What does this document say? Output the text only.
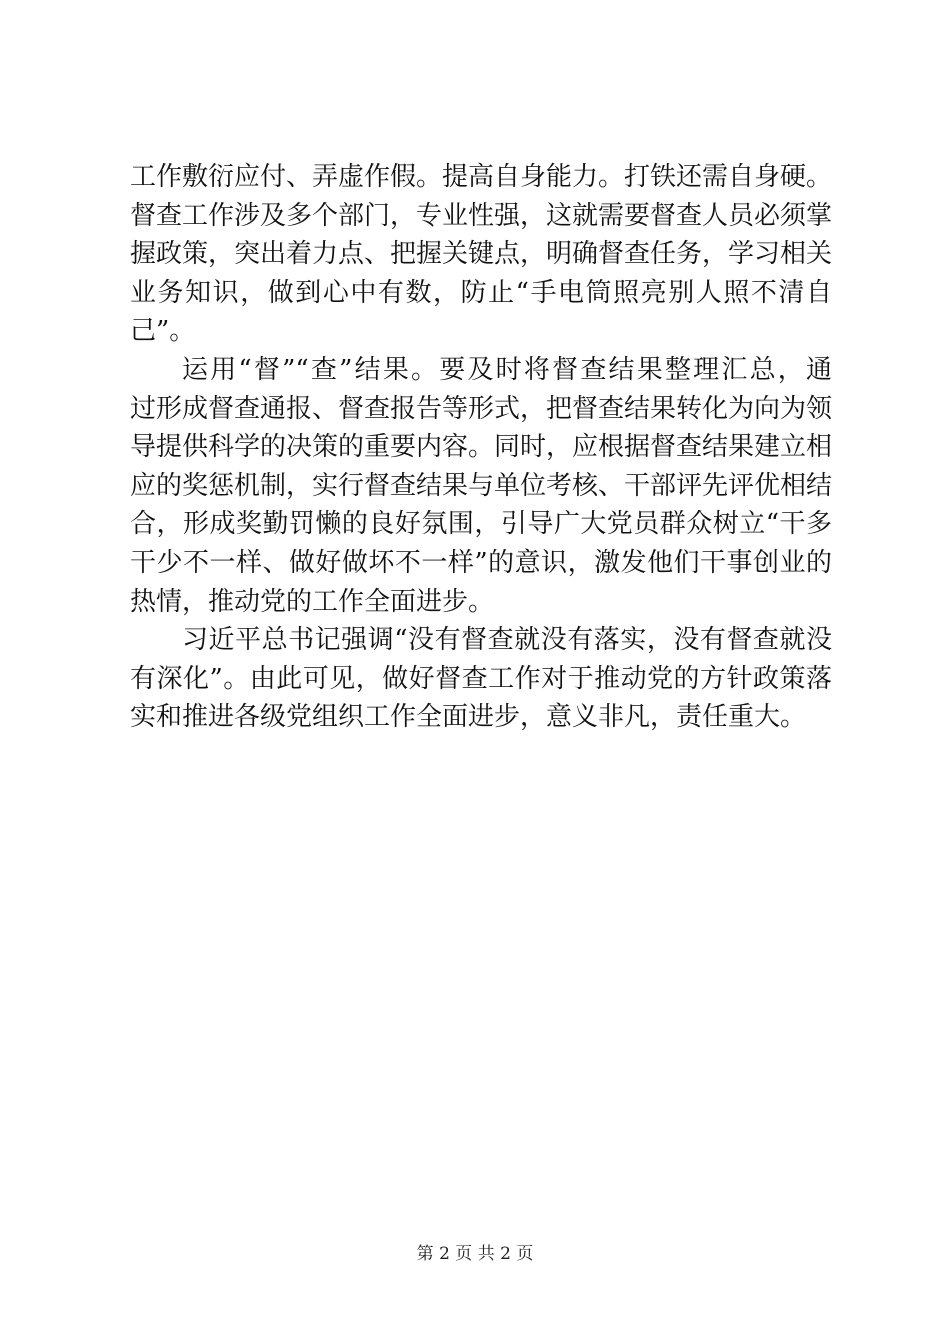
工作敷衍应付、弄虚作假。提高自身能力。打铁还需自身硬。
督查工作涉及多个部门，专业性强，这就需要督查人员必须掌
握政策，突出着力点、把握关键点，明确督查任务，学习相关
业务知识，做到心中有数，防止“手电筒照亮别人照不清自
己”。
运用“督”“查”结果。要及时将督查结果整理汇总，通
过形成督查通报、督查报告等形式，把督查结果转化为向为领
导提供科学的决策的重要内容。同时，应根据督查结果建立相
应的奖惩机制，实行督查结果与单位考核、干部评先评优相结
合，形成奖勤罚懒的良好氛围，引导广大党员群众树立“干多
干少不一样、做好做坏不一样”的意识，激发他们干事创业的
热情，推动党的工作全面进步。
习近平总书记强调“没有督查就没有落实，没有督查就没
有深化”。由此可见，做好督查工作对于推动党的方针政策落
实和推进各级党组织工作全面进步，意义非凡，责任重大。
第 2 页 共 2 页
